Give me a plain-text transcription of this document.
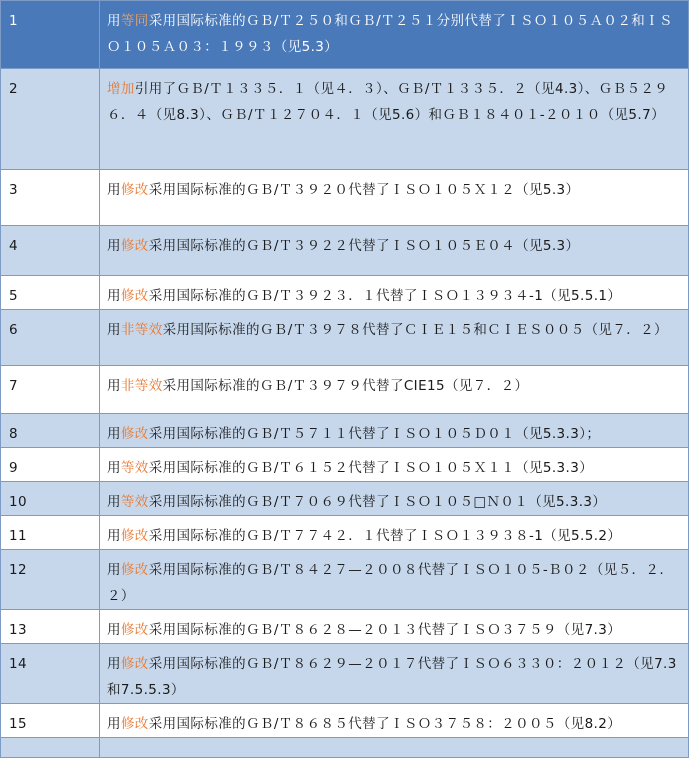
1	用等同采用国际标准的ＧＢ/Ｔ２５０和ＧＢ/Ｔ２５１分别代替了ＩＳＯ１０５Ａ０２和ＩＳＯ１０５Ａ０３：１９９３（见5.3）
2	增加引用了ＧＢ/Ｔ１３３５．１（见４．３）、ＧＢ/Ｔ１３３５．２（见4.3）、ＧＢ５２９６．４（见8.3）、ＧＢ/Ｔ１２７０４．１（见5.6）和ＧＢ１８４０１-２０１０（见5.7）
3	用修改采用国际标准的ＧＢ/Ｔ３９２０代替了ＩＳＯ１０５Ｘ１２（见5.3）
4	用修改采用国际标准的ＧＢ/Ｔ３９２２代替了ＩＳＯ１０５Ｅ０４（见5.3）
5	用修改采用国际标准的ＧＢ/Ｔ３９２３．１代替了ＩＳＯ１３９３４-1（见5.5.1）
6	用非等效采用国际标准的ＧＢ/Ｔ３９７８代替了ＣＩＥ１５和ＣＩＥＳ００５（见７．２）
7	用非等效采用国际标准的ＧＢ/Ｔ３９７９代替了CIE15（见７．２）
8	用修改采用国际标准的ＧＢ/Ｔ５７１１代替了ＩＳＯ１０５Ｄ０１（见5.3.3）；
9	用等效采用国际标准的ＧＢ/Ｔ６１５２代替了ＩＳＯ１０５Ｘ１１（见5.3.3）
10	用等效采用国际标准的ＧＢ/Ｔ７０６９代替了ＩＳＯ１０５□Ｎ０１（见5.3.3）
11	用修改采用国际标准的ＧＢ/Ｔ７７４２．１代替了ＩＳＯ１３９３８-1（见5.5.2）
12	用修改采用国际标准的ＧＢ/Ｔ８４２７—２００８代替了ＩＳＯ１０５-Ｂ０２（见５．２.２）
13	用修改采用国际标准的ＧＢ/Ｔ８６２８—２０１３代替了ＩＳＯ３７５９（见7.3）
14	用修改采用国际标准的ＧＢ/Ｔ８６２９—２０１７代替了ＩＳＯ６３３０：２０１２（见7.3和7.5.5.3）
15	用修改采用国际标准的ＧＢ/Ｔ８６８５代替了ＩＳＯ３７５８：２００５（见8.2）
